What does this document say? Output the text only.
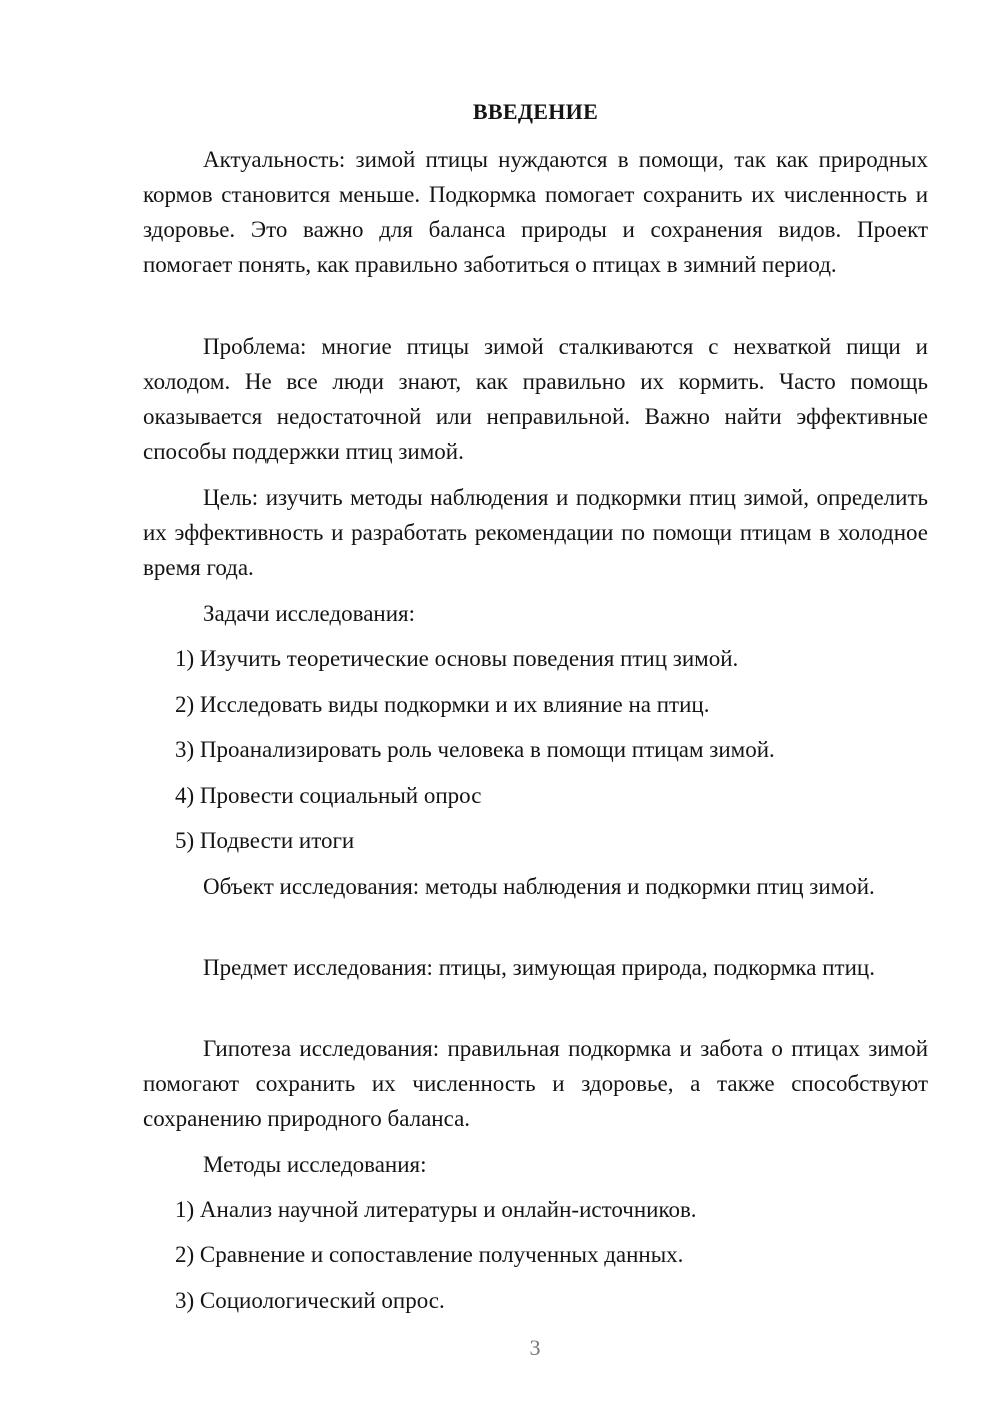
ВВЕДЕНИЕ

Актуальность: зимой птицы нуждаются в помощи, так как природных кормов становится меньше. Подкормка помогает сохранить их численность и здоровье. Это важно для баланса природы и сохранения видов. Проект помогает понять, как правильно заботиться о птицах в зимний период.

Проблема: многие птицы зимой сталкиваются с нехваткой пищи и холодом. Не все люди знают, как правильно их кормить. Часто помощь оказывается недостаточной или неправильной. Важно найти эффективные способы поддержки птиц зимой.

Цель: изучить методы наблюдения и подкормки птиц зимой, определить их эффективность и разработать рекомендации по помощи птицам в холодное время года.

Задачи исследования:

1) Изучить теоретические основы поведения птиц зимой.

2) Исследовать виды подкормки и их влияние на птиц.

3) Проанализировать роль человека в помощи птицам зимой.

4) Провести социальный опрос

5) Подвести итоги

Объект исследования: методы наблюдения и подкормки птиц зимой.

Предмет исследования: птицы, зимующая природа, подкормка птиц.

Гипотеза исследования: правильная подкормка и забота о птицах зимой помогают сохранить их численность и здоровье, а также способствуют сохранению природного баланса.

Методы исследования:

1) Анализ научной литературы и онлайн-источников.

2) Сравнение и сопоставление полученных данных.

3) Социологический опрос.

3
